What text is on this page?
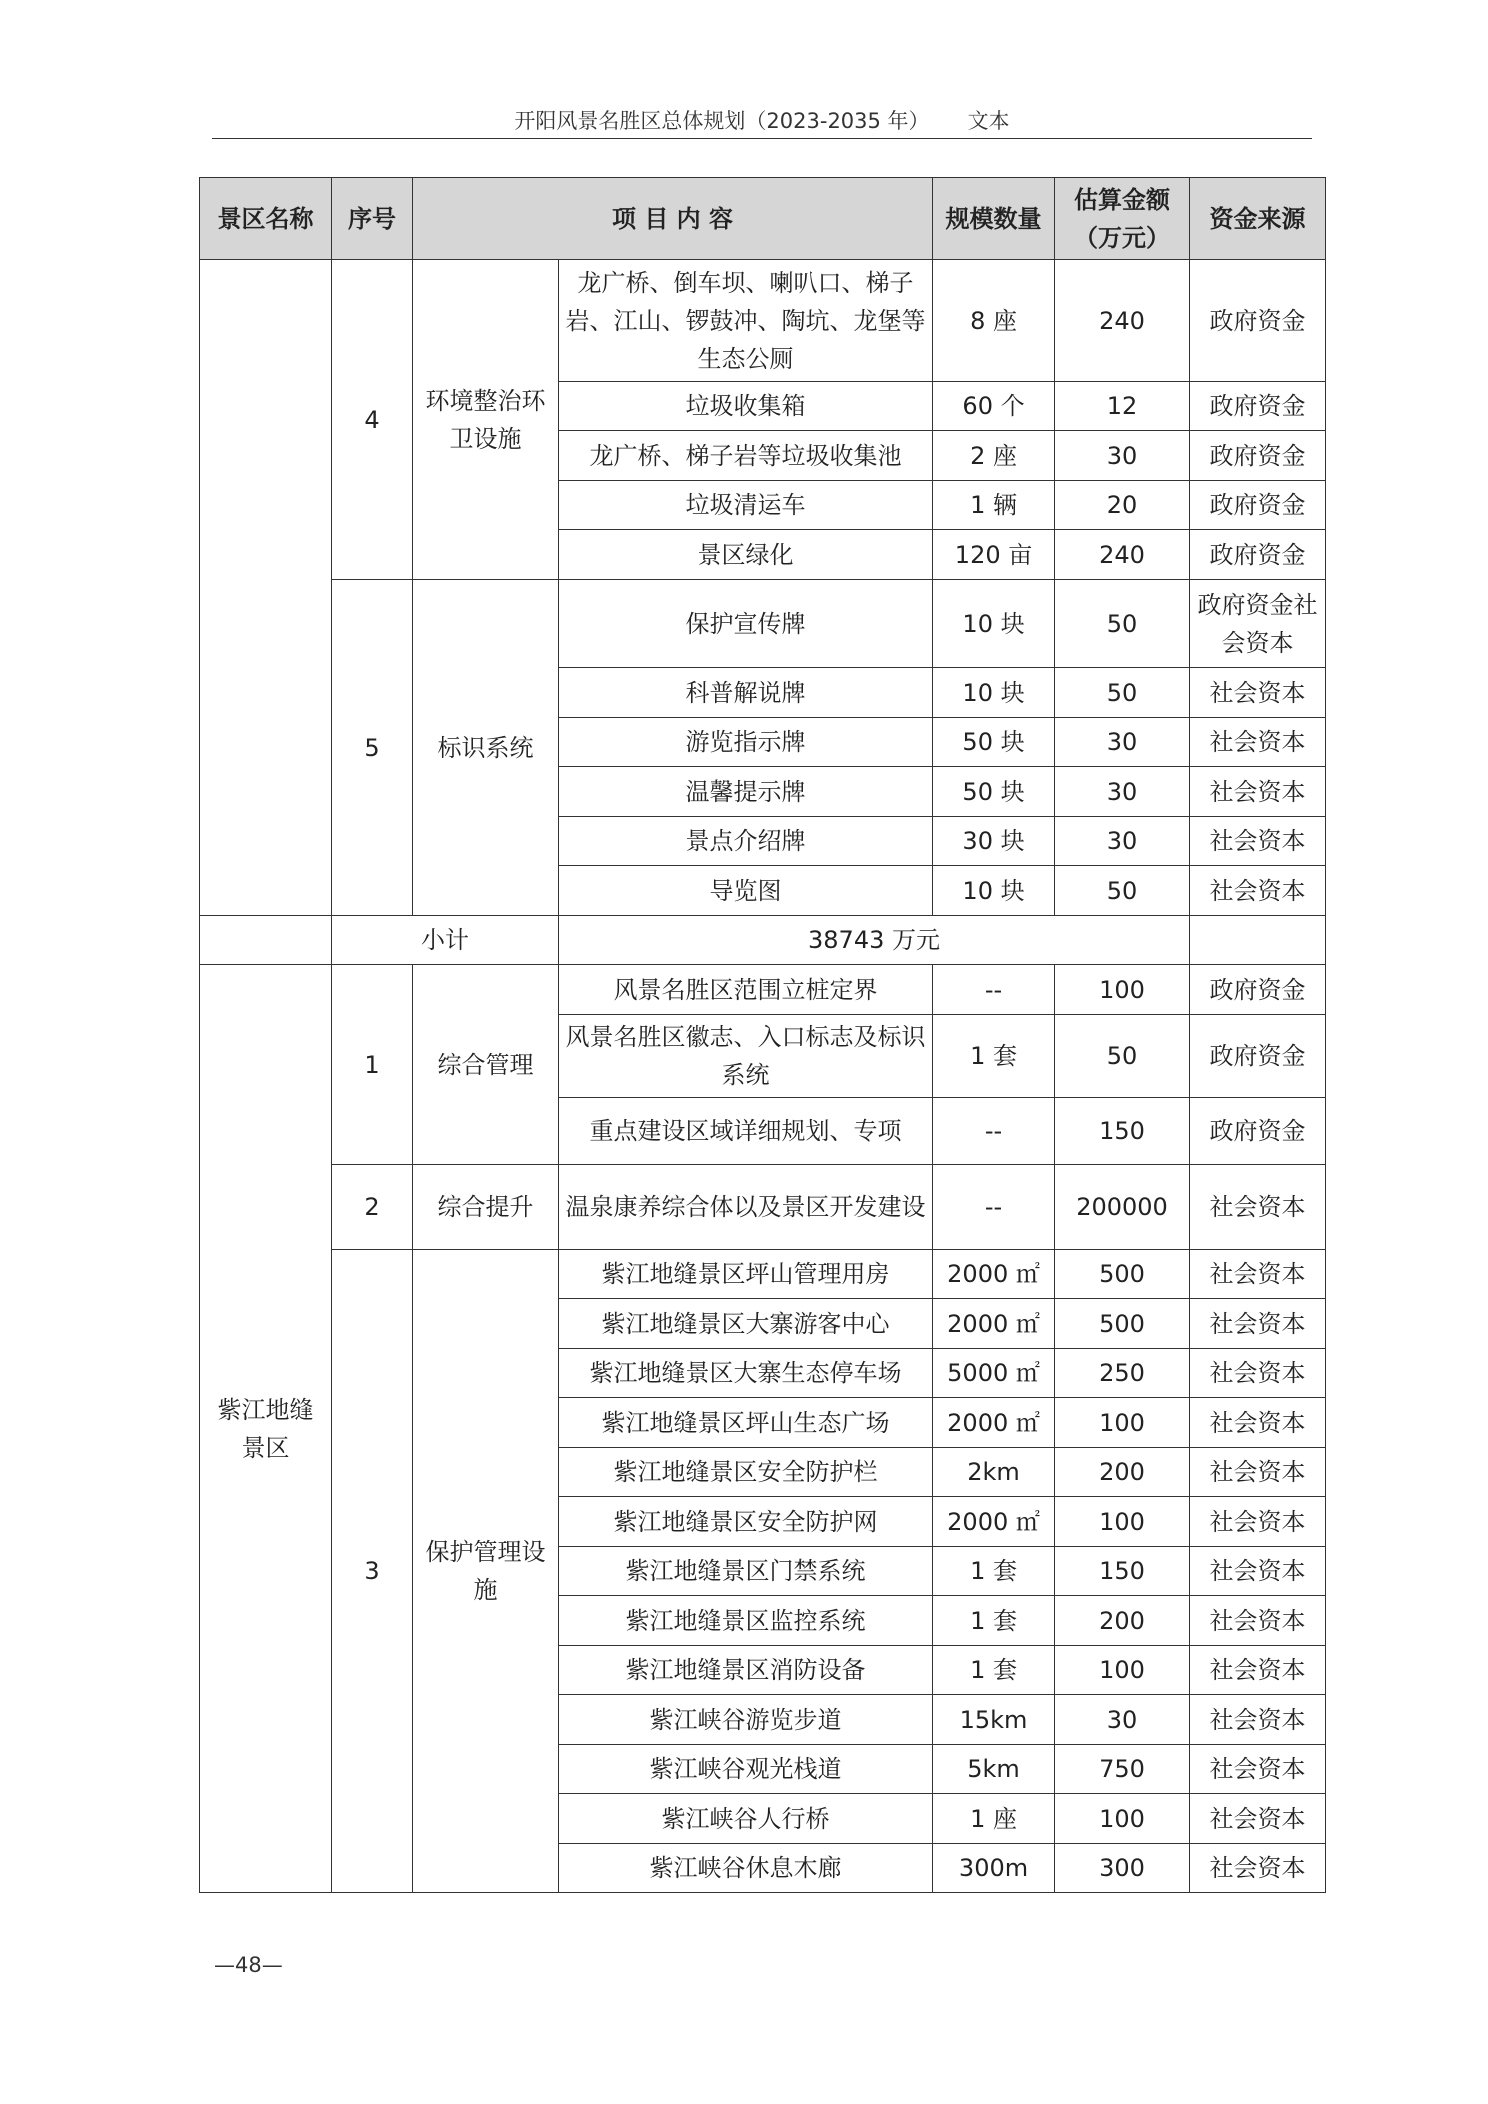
开阳风景名胜区总体规划（2023-2035 年） 文本
景区名称	序号	项 目 内 容		规模数量	估算金额（万元）	资金来源
	4	环境整治环卫设施	龙广桥、倒车坝、喇叭口、梯子岩、江山、锣鼓冲、陶坑、龙堡等生态公厕	8 座	240	政府资金
			垃圾收集箱	60 个	12	政府资金
			龙广桥、梯子岩等垃圾收集池	2 座	30	政府资金
			垃圾清运车	1 辆	20	政府资金
			景区绿化	120 亩	240	政府资金
	5	标识系统	保护宣传牌	10 块	50	政府资金社会资本
			科普解说牌	10 块	50	社会资本
			游览指示牌	50 块	30	社会资本
			温馨提示牌	50 块	30	社会资本
			景点介绍牌	30 块	30	社会资本
			导览图	10 块	50	社会资本
	小计		38743 万元			
紫江地缝景区	1	综合管理	风景名胜区范围立桩定界	--	100	政府资金
			风景名胜区徽志、入口标志及标识系统	1 套	50	政府资金
			重点建设区域详细规划、专项	--	150	政府资金
	2	综合提升	温泉康养综合体以及景区开发建设	--	200000	社会资本
	3	保护管理设施	紫江地缝景区坪山管理用房	2000 ㎡	500	社会资本
			紫江地缝景区大寨游客中心	2000 ㎡	500	社会资本
			紫江地缝景区大寨生态停车场	5000 ㎡	250	社会资本
			紫江地缝景区坪山生态广场	2000 ㎡	100	社会资本
			紫江地缝景区安全防护栏	2km	200	社会资本
			紫江地缝景区安全防护网	2000 ㎡	100	社会资本
			紫江地缝景区门禁系统	1 套	150	社会资本
			紫江地缝景区监控系统	1 套	200	社会资本
			紫江地缝景区消防设备	1 套	100	社会资本
			紫江峡谷游览步道	15km	30	社会资本
			紫江峡谷观光栈道	5km	750	社会资本
			紫江峡谷人行桥	1 座	100	社会资本
			紫江峡谷休息木廊	300m	300	社会资本
—48—
